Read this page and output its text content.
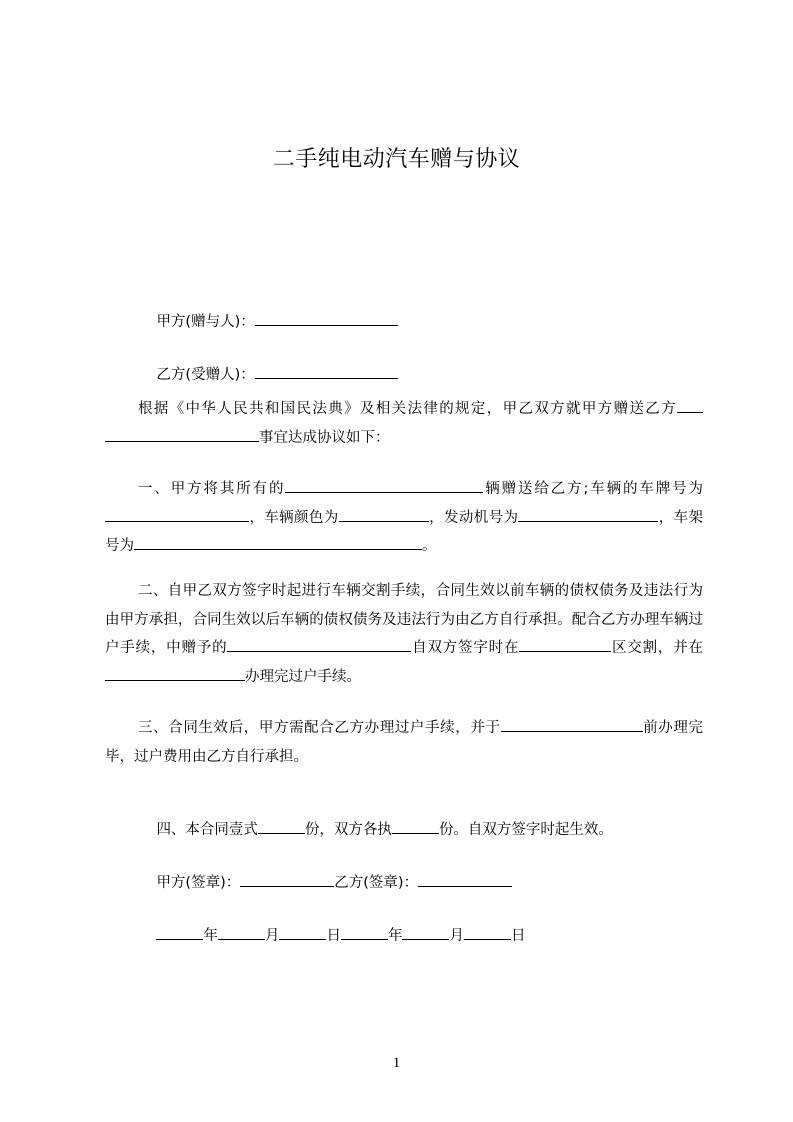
二手纯电动汽车赠与协议

甲方(赠与人)：

乙方(受赠人)：

根据《中华人民共和国民法典》及相关法律的规定，甲乙双方就甲方赠送乙方事宜达成协议如下：
一、甲方将其所有的	辆赠送给乙方;车辆的车牌号为，车辆颜色为	，发动机号为	，车架号为	。
二、自甲乙双方签字时起进行车辆交割手续，合同生效以前车辆的债权债务及违法行为由甲方承担，合同生效以后车辆的债权债务及违法行为由乙方自行承担。配合乙方办理车辆过户手续，中赠予的	自双方签字时在	区交割，并在办理完过户手续。
三、合同生效后，甲方需配合乙方办理过户手续，并于	前办理完毕，过户费用由乙方自行承担。

四、本合同壹式	份，双方各执	份。自双方签字时起生效。

甲方(签章)：	乙方(签章)：

年	月	日	年	月	日

1
